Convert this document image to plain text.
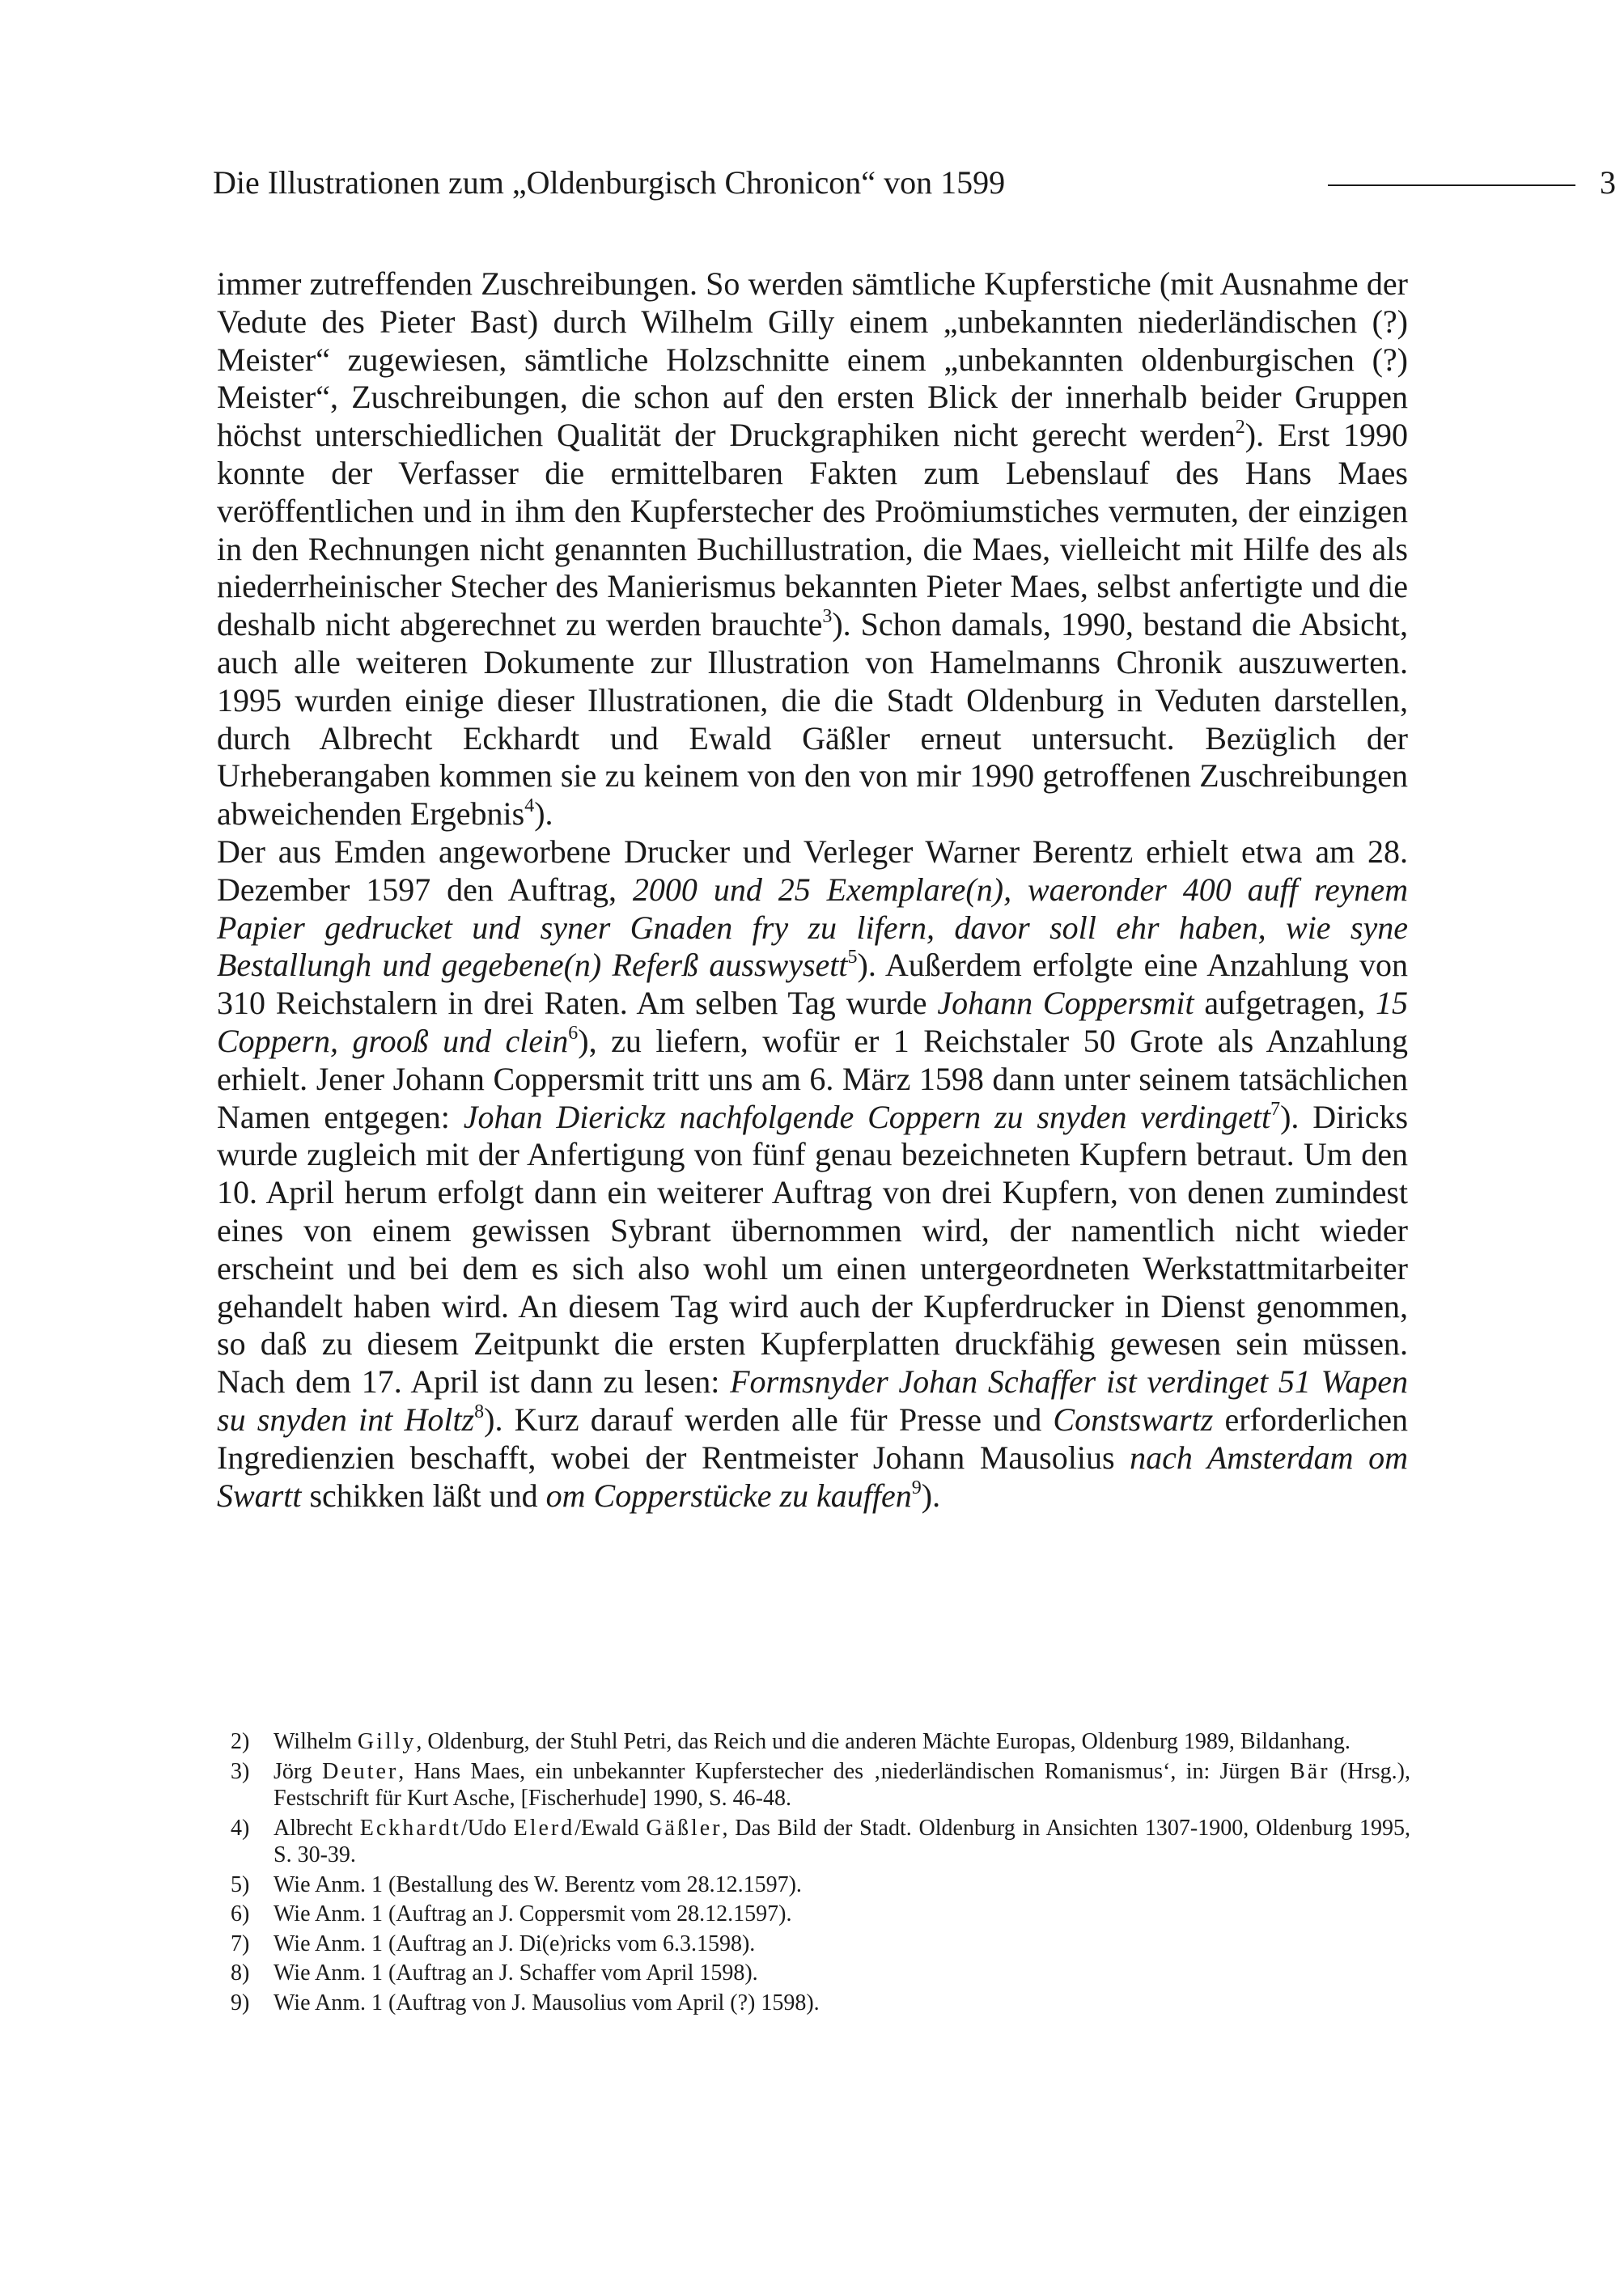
Die Illustrationen zum „Oldenburgisch Chronicon“ von 1599	3

immer zutreffenden Zuschreibungen. So werden sämtliche Kupferstiche (mit Ausnahme der Vedute des Pieter Bast) durch Wilhelm Gilly einem „unbekannten niederländischen (?) Meister“ zugewiesen, sämtliche Holzschnitte einem „unbekannten oldenburgischen (?) Meister“, Zuschreibungen, die schon auf den ersten Blick der innerhalb beider Gruppen höchst unterschiedlichen Qualität der Druckgraphiken nicht gerecht werden$^2$). Erst 1990 konnte der Verfasser die ermittelbaren Fakten zum Lebenslauf des Hans Maes veröffentlichen und in ihm den Kupferstecher des Proömiumstiches vermuten, der einzigen in den Rechnungen nicht genannten Buchillustration, die Maes, vielleicht mit Hilfe des als niederrheinischer Stecher des Manierismus bekannten Pieter Maes, selbst anfertigte und die deshalb nicht abgerechnet zu werden brauchte$^3$). Schon damals, 1990, bestand die Absicht, auch alle weiteren Dokumente zur Illustration von Hamelmanns Chronik auszuwerten. 1995 wurden einige dieser Illustrationen, die die Stadt Oldenburg in Veduten darstellen, durch Albrecht Eckhardt und Ewald Gäßler erneut untersucht. Bezüglich der Urheberangaben kommen sie zu keinem von den von mir 1990 getroffenen Zuschreibungen abweichenden Ergebnis$^4$).

Der aus Emden angeworbene Drucker und Verleger Warner Berentz erhielt etwa am 28. Dezember 1597 den Auftrag, 2000 und 25 Exemplare(n), waeronder 400 auff reynem Papier gedrucket und syner Gnaden fry zu lifern, davor soll ehr haben, wie syne Bestallungh und gegebene(n) Referß ausswysett$^5$). Außerdem erfolgte eine Anzahlung von 310 Reichstalern in drei Raten. Am selben Tag wurde Johann Coppersmit aufgetragen, 15 Coppern, grooß und clein$^6$), zu liefern, wofür er 1 Reichstaler 50 Grote als Anzahlung erhielt. Jener Johann Coppersmit tritt uns am 6. März 1598 dann unter seinem tatsächlichen Namen entgegen: Johan Dierickz nachfolgende Coppern zu snyden verdingett$^7$). Diricks wurde zugleich mit der Anfertigung von fünf genau bezeichneten Kupfern betraut. Um den 10. April herum erfolgt dann ein weiterer Auftrag von drei Kupfern, von denen zumindest eines von einem gewissen Sybrant übernommen wird, der namentlich nicht wieder erscheint und bei dem es sich also wohl um einen untergeordneten Werkstattmitarbeiter gehandelt haben wird. An diesem Tag wird auch der Kupferdrucker in Dienst genommen, so daß zu diesem Zeitpunkt die ersten Kupferplatten druckfähig gewesen sein müssen. Nach dem 17. April ist dann zu lesen: Formsnyder Johan Schaffer ist verdinget 51 Wapen su snyden int Holtz$^8$). Kurz darauf werden alle für Presse und Constswartz erforderlichen Ingredienzien beschafft, wobei der Rentmeister Johann Mausolius nach Amsterdam om Swartt schikken läßt und om Copperstücke zu kauffen$^9$).

2) Wilhelm Gilly, Oldenburg, der Stuhl Petri, das Reich und die anderen Mächte Europas, Oldenburg 1989, Bildanhang.
3) Jörg Deuter, Hans Maes, ein unbekannter Kupferstecher des ‚niederländischen Romanismus‘, in: Jürgen Bär (Hrsg.), Festschrift für Kurt Asche, [Fischerhude] 1990, S. 46-48.
4) Albrecht Eckhardt/Udo Elerd/Ewald Gäßler, Das Bild der Stadt. Oldenburg in Ansichten 1307-1900, Oldenburg 1995, S. 30-39.
5) Wie Anm. 1 (Bestallung des W. Berentz vom 28.12.1597).
6) Wie Anm. 1 (Auftrag an J. Coppersmit vom 28.12.1597).
7) Wie Anm. 1 (Auftrag an J. Di(e)ricks vom 6.3.1598).
8) Wie Anm. 1 (Auftrag an J. Schaffer vom April 1598).
9) Wie Anm. 1 (Auftrag von J. Mausolius vom April (?) 1598).
